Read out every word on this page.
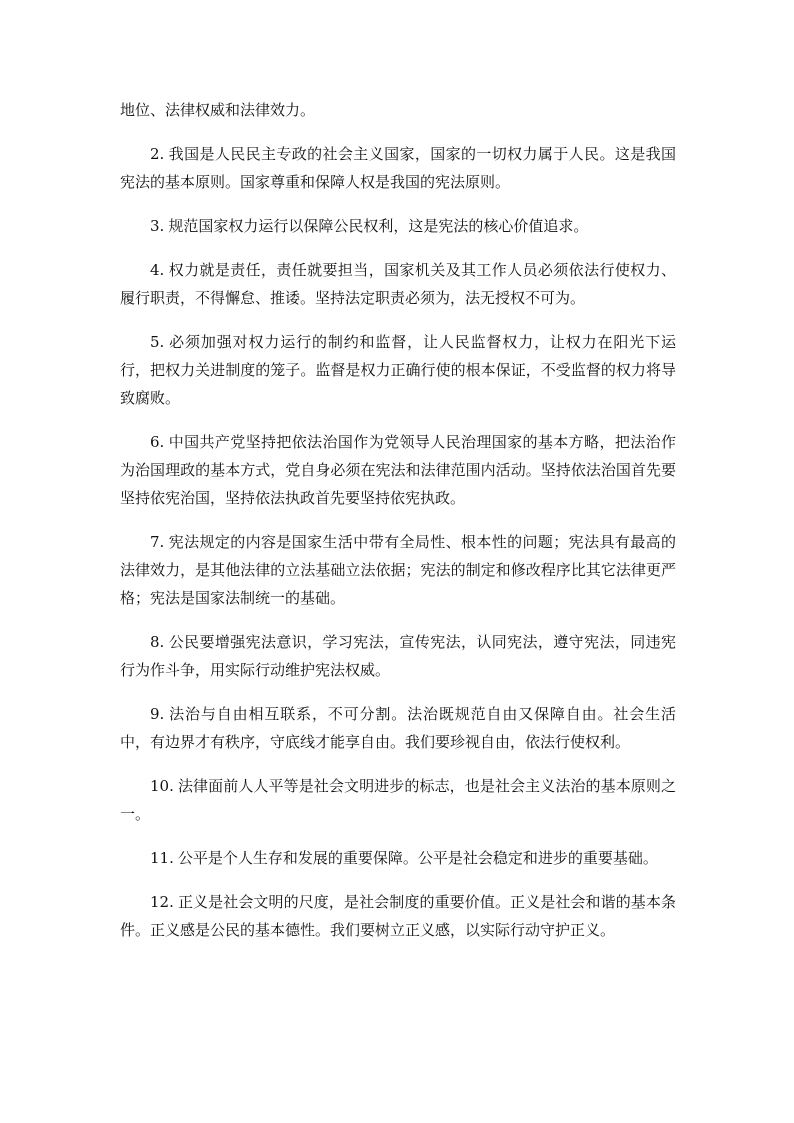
地位、法律权威和法律效力。

2. 我国是人民民主专政的社会主义国家，国家的一切权力属于人民。这是我国宪法的基本原则。国家尊重和保障人权是我国的宪法原则。

3. 规范国家权力运行以保障公民权利，这是宪法的核心价值追求。

4. 权力就是责任，责任就要担当，国家机关及其工作人员必须依法行使权力、履行职责，不得懈怠、推诿。坚持法定职责必须为，法无授权不可为。

5. 必须加强对权力运行的制约和监督，让人民监督权力，让权力在阳光下运行，把权力关进制度的笼子。监督是权力正确行使的根本保证，不受监督的权力将导致腐败。

6. 中国共产党坚持把依法治国作为党领导人民治理国家的基本方略，把法治作为治国理政的基本方式，党自身必须在宪法和法律范围内活动。坚持依法治国首先要坚持依宪治国，坚持依法执政首先要坚持依宪执政。

7. 宪法规定的内容是国家生活中带有全局性、根本性的问题；宪法具有最高的法律效力，是其他法律的立法基础立法依据；宪法的制定和修改程序比其它法律更严格；宪法是国家法制统一的基础。

8. 公民要增强宪法意识，学习宪法，宣传宪法，认同宪法，遵守宪法，同违宪行为作斗争，用实际行动维护宪法权威。

9. 法治与自由相互联系，不可分割。法治既规范自由又保障自由。社会生活中，有边界才有秩序，守底线才能享自由。我们要珍视自由，依法行使权利。

10. 法律面前人人平等是社会文明进步的标志，也是社会主义法治的基本原则之一。

11. 公平是个人生存和发展的重要保障。公平是社会稳定和进步的重要基础。

12. 正义是社会文明的尺度，是社会制度的重要价值。正义是社会和谐的基本条件。正义感是公民的基本德性。我们要树立正义感，以实际行动守护正义。
